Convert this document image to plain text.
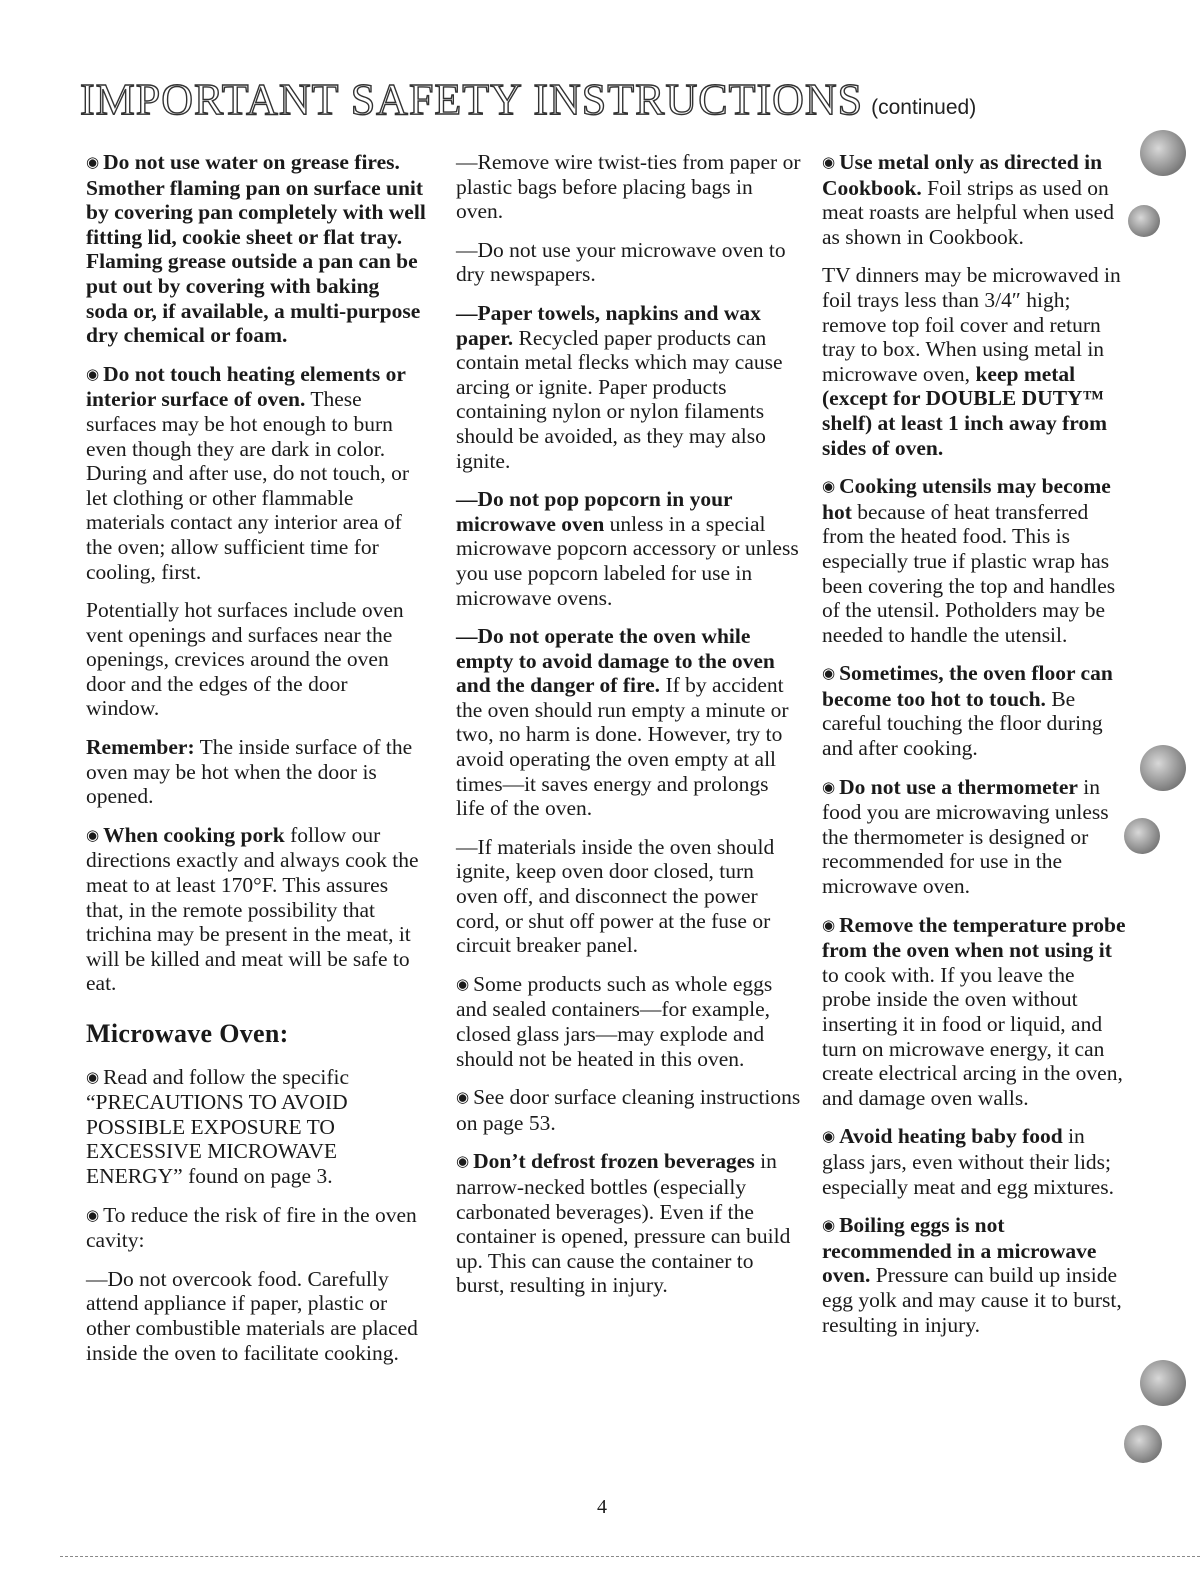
IMPORTANT SAFETY INSTRUCTIONS (continued)

◉ Do not use water on grease fires. Smother flaming pan on surface unit by covering pan completely with well fitting lid, cookie sheet or flat tray. Flaming grease outside a pan can be put out by covering with baking soda or, if available, a multi-purpose dry chemical or foam.

◉ Do not touch heating elements or interior surface of oven. These surfaces may be hot enough to burn even though they are dark in color. During and after use, do not touch, or let clothing or other flammable materials contact any interior area of the oven; allow sufficient time for cooling, first.

Potentially hot surfaces include oven vent openings and surfaces near the openings, crevices around the oven door and the edges of the door window.

Remember: The inside surface of the oven may be hot when the door is opened.

◉ When cooking pork follow our directions exactly and always cook the meat to at least 170°F. This assures that, in the remote possibility that trichina may be present in the meat, it will be killed and meat will be safe to eat.

Microwave Oven:

◉ Read and follow the specific “PRECAUTIONS TO AVOID POSSIBLE EXPOSURE TO EXCESSIVE MICROWAVE ENERGY” found on page 3.

◉ To reduce the risk of fire in the oven cavity:

—Do not overcook food. Carefully attend appliance if paper, plastic or other combustible materials are placed inside the oven to facilitate cooking.

—Remove wire twist-ties from paper or plastic bags before placing bags in oven.

—Do not use your microwave oven to dry newspapers.

—Paper towels, napkins and wax paper. Recycled paper products can contain metal flecks which may cause arcing or ignite. Paper products containing nylon or nylon filaments should be avoided, as they may also ignite.

—Do not pop popcorn in your microwave oven unless in a special microwave popcorn accessory or unless you use popcorn labeled for use in microwave ovens.

—Do not operate the oven while empty to avoid damage to the oven and the danger of fire. If by accident the oven should run empty a minute or two, no harm is done. However, try to avoid operating the oven empty at all times—it saves energy and prolongs life of the oven.

—If materials inside the oven should ignite, keep oven door closed, turn oven off, and disconnect the power cord, or shut off power at the fuse or circuit breaker panel.

◉ Some products such as whole eggs and sealed containers—for example, closed glass jars—may explode and should not be heated in this oven.

◉ See door surface cleaning instructions on page 53.

◉ Don’t defrost frozen beverages in narrow-necked bottles (especially carbonated beverages). Even if the container is opened, pressure can build up. This can cause the container to burst, resulting in injury.

◉ Use metal only as directed in Cookbook. Foil strips as used on meat roasts are helpful when used as shown in Cookbook.

TV dinners may be microwaved in foil trays less than 3/4″ high; remove top foil cover and return tray to box. When using metal in microwave oven, keep metal (except for DOUBLE DUTY™ shelf) at least 1 inch away from sides of oven.

◉ Cooking utensils may become hot because of heat transferred from the heated food. This is especially true if plastic wrap has been covering the top and handles of the utensil. Potholders may be needed to handle the utensil.

◉ Sometimes, the oven floor can become too hot to touch. Be careful touching the floor during and after cooking.

◉ Do not use a thermometer in food you are microwaving unless the thermometer is designed or recommended for use in the microwave oven.

◉ Remove the temperature probe from the oven when not using it to cook with. If you leave the probe inside the oven without inserting it in food or liquid, and turn on microwave energy, it can create electrical arcing in the oven, and damage oven walls.

◉ Avoid heating baby food in glass jars, even without their lids; especially meat and egg mixtures.

◉ Boiling eggs is not recommended in a microwave oven. Pressure can build up inside egg yolk and may cause it to burst, resulting in injury.

4
